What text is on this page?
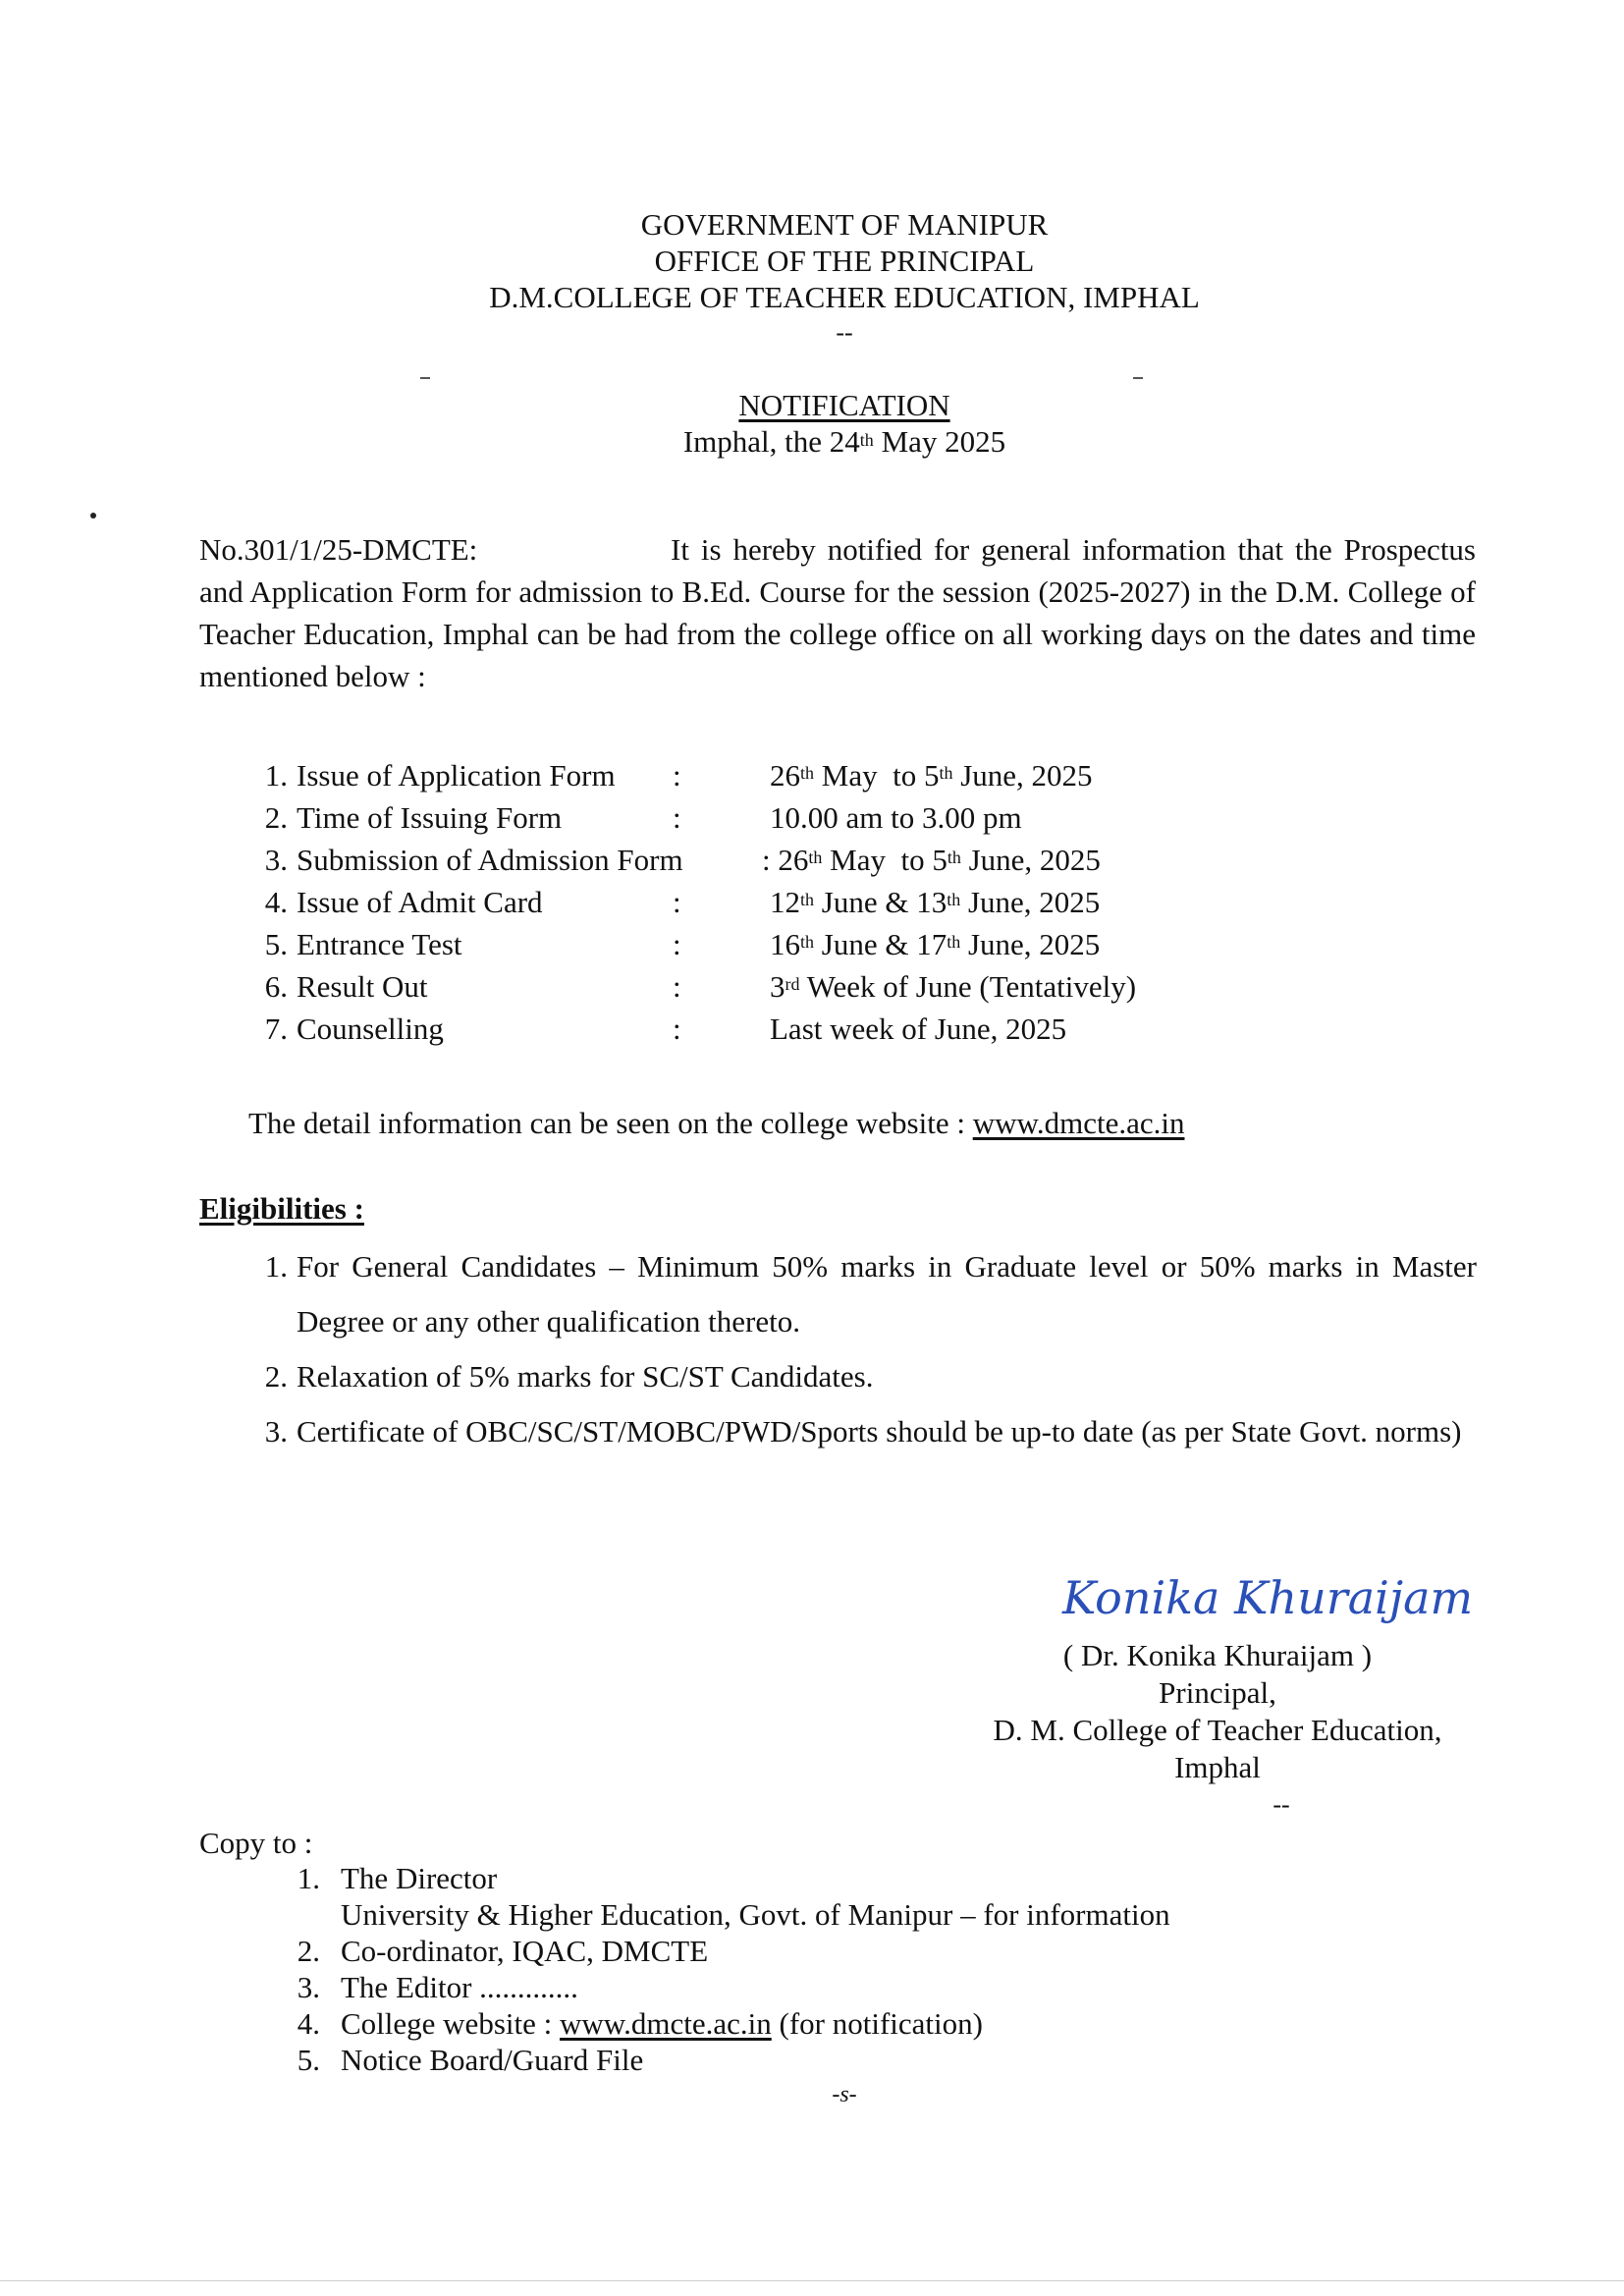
GOVERNMENT OF MANIPUR
OFFICE OF THE PRINCIPAL
D.M.COLLEGE OF TEACHER EDUCATION, IMPHAL
--
NOTIFICATION
Imphal, the 24th May 2025
No.301/1/25-DMCTE:	It is hereby notified for general information that the Prospectus and Application Form for admission to B.Ed. Course for the session (2025-2027) in the D.M. College of Teacher Education, Imphal can be had from the college office on all working days on the dates and time mentioned below :
1. Issue of Application Form :	26th May  to 5th June, 2025
2. Time of Issuing Form	:	10.00 am to 3.00 pm
3. Submission of Admission Form	: 26th May  to 5th June, 2025
4. Issue of Admit Card	:	12th June & 13th June, 2025
5. Entrance Test	:	16th June & 17th June, 2025
6. Result Out	:	3rd Week of June (Tentatively)
7. Counselling	:	Last week of June, 2025
The detail information can be seen on the college website : www.dmcte.ac.in
Eligibilities :
1. For General Candidates – Minimum 50% marks in Graduate level or 50% marks in Master Degree or any other qualification thereto.
2. Relaxation of 5% marks for SC/ST Candidates.
3. Certificate of OBC/SC/ST/MOBC/PWD/Sports should be up-to date (as per State Govt. norms)
Konika Khuraijam
( Dr. Konika Khuraijam )
Principal,
D. M. College of Teacher Education,
Imphal
--
Copy to :
1. The Director
University & Higher Education, Govt. of Manipur – for information
2. Co-ordinator, IQAC, DMCTE
3. The Editor .............
4. College website : www.dmcte.ac.in (for notification)
5. Notice Board/Guard File
-s-
